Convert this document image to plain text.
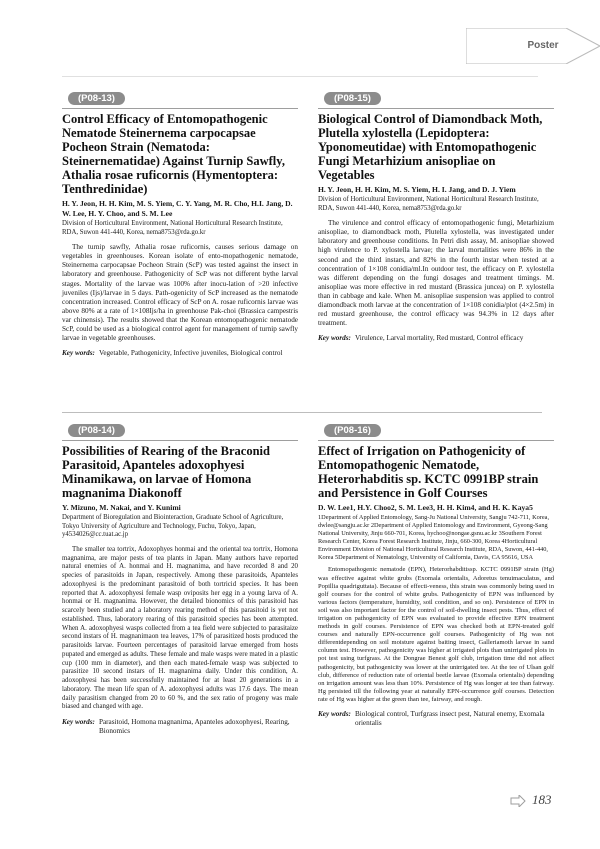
Poster
(P08-13)
Control Efficacy of Entomopathogenic Nematode Steinernema carpocapsae Pocheon Strain (Nematoda: Steinernematidae) Against Turnip Sawfly, Athalia rosae ruficornis (Hymentoptera: Tenthredinidae)
H. Y. Jeon, H. H. Kim, M. S. Yiem, C. Y. Yang, M. R. Cho, H.I. Jang, D. W. Lee, H. Y. Choo, and S. M. Lee
Division of Horticultural Environment, National Horticultural Research Institute, RDA, Suwon 441-440, Korea, nema8753@rda.go.kr

The turnip sawfly, Athalia rosae ruficornis, causes serious damage on vegetables in greenhouses. Korean isolate of ento-mopathogenic nematode, Steinernema carpocapsae Pocheon Strain (ScP) was tested against the insect in laboratory and greenhouse. Pathogenicity of ScP was not different bythe larval stages. Mortality of the larvae was 100% after inocu-lation of >20 infective juveniles (Ijs)/larvae in 5 days. Path-ogenicity of ScP increased as the nematode concentration increased. Control efficacy of ScP on A. rosae ruficornis larvae was above 80% at a rate of 1×108Ijs/ha in greenhouse Pak-choi (Brassica campestris var chinensis). The results showed that the Korean entomopathogenic nematode ScP, could be used as a biological control agent for management of turnip sawfly larvae in vegetable greenhouses.

Key words: Vegetable, Pathogenicity, Infective juveniles, Biological control
(P08-15)
Biological Control of Diamondback Moth, Plutella xylostella (Lepidoptera: Yponomeutidae) with Entomopathogenic Fungi Metarhizium anisopliae on Vegetables
H. Y. Jeon, H. H. Kim, M. S. Yiem, H. I. Jang, and D. J. Yiem
Division of Horticultural Environment, National Horticultural Research Institute, RDA, Suwon 441-440, Korea, nema8753@rda.go.kr

The virulence and control efficacy of entomopathogenic fungi, Metarhizium anisopliae, to diamondback moth, Plutella xylostella, was investigated under laboratory and greenhouse conditions. In Petri dish assay, M. anisopliae showed high virulence to P. xylostella larvae; the larval mortalities were 86% in the second and the third instars, and 82% in the fourth instar when tested at a concentration of 1×108 conidia/ml.In outdoor test, the efficacy on P. xylostella was different depending on the fungi dosages and treatment timings. M. anisopliae was more effective in red mustard (Brassica juncea) on P. xylostella than in cabbage and kale. When M. anisopliae suspension was applied to control diamondback moth larvae at the concentration of 1×108 conidia/plot (4×2.5m) in red mustard greenhouse, the control efficacy was 94.3% in 12 days after treatment.

Key words: Virulence, Larval mortality, Red mustard, Control efficacy
(P08-14)
Possibilities of Rearing of the Braconid Parasitoid, Apanteles adoxophyesi Minamikawa, on larvae of Homona magnanima Diakonoff
Y. Mizuno, M. Nakai, and Y. Kunimi
Department of Bioregulation and Biointeraction, Graduate School of Agriculture, Tokyo University of Agriculture and Technology, Fuchu, Tokyo, Japan, y4534026@cc.tuat.ac.jp

The smaller tea tortrix, Adoxophyes honmai and the oriental tea tortrix, Homona magnanima, are major pests of tea plants in Japan. Many authors have reported natural enemies of A. honmai and H. magnanima, and have recorded 8 and 20 species of parasitoids in Japan, respectively. Among these parasitoids, Apanteles adoxophyesi is the predominant parasitoid of both tortricid species. It has been reported that A. adoxophyesi female wasp oviposits her egg in a young larva of A. honmai or H. magnanima. However, the detailed bionomics of this parasitoid has scarcely been studied and a laboratory rearing method of this parasitoid is yet not established. Thus, laboratory rearing of this parasitoid species has been attempted. When A. adoxophyesi wasps collected from a tea field were subjected to parasitaize second instars of H. magnanimaon tea leaves, 17% of parasitized hosts produced the parasitoids larvae. Fourteen percentages of parasitoid larvae emerged from hosts pupated and emerged as adults. These female and male wasps were mated in a plastic cup (100 mm in diameter), and then each mated-female wasp was subjected to parasitize 10 second instars of H. magnanima daily. Under this condition, A. adoxophyesi has been successfully maintained for at least 20 generations in a laboratory. The mean life span of A. adoxophyesi adults was 17.6 days. The mean daily parasitism changed from 20 to 60 %, and the sex ratio of progeny was male biased and changed with age.

Key words: Parasitoid, Homona magnanima, Apanteles adoxophyesi, Rearing, Bionomics
(P08-16)
Effect of Irrigation on Pathogenicity of Entomopathogenic Nematode, Heterorhabditis sp. KCTC 0991BP strain and Persistence in Golf Courses
D. W. Lee1, H.Y. Choo2, S. M. Lee3, H. H. Kim4, and H. K. Kaya5
1Department of Applied Entomology, Sang-Ju National University, Sangju 742-711, Korea, dwlee@sangju.ac.kr 2Department of Applied Entomology and Environment, Gyeong-Sang National University, Jinju 660-701, Korea, hychoo@nongae.gsnu.ac.kr 3Southern Forest Research Center, Korea Forest Research Institute, Jinju, 660-300, Korea 4Horticultural Environment Division of National Horticultural Research Institute, RDA, Suwon, 441-440, Korea 5Department of Nematology, University of California, Davis, CA 95616, USA

Entomopathogenic nematode (EPN), Heterorhabditissp. KCTC 0991BP strain (Hg) was effective against white grubs (Exomala orientalis, Adoretus tenuimaculatus, and Popillia quadriguttata). Because of effecti-veness, this strain was commonly being used in golf courses for the control of white grubs. Pathogenicity of EPN was influenced by various factors (temperature, humidity, soil condition, and so on). Persistence of EPN in soil was also important factor for the control of soil-dwelling insect pests. Thus, effect of irrigation on pathogenicity of EPN was evaluated to provide effective EPN treatment methods in golf courses. Persistence of EPN was checked both at EPN-treated golf courses and naturally EPN-occurrence golf courses. Pathogenicity of Hg was not differentdepending on soil moisture against baiting insect, Galleriamoth larvae in sand column test. However, pathogenicity was higher at irrigated plots than unirrigated plots in pot test using turfgrass. At the Dongrae Benest golf club, irrigation time did not affect pathogenicity, but pathogenicity was lower at the unirrigated tee. At the tee of Ulsan golf club, difference of reduction rate of oriental beetle larvae (Exomala orientalis) depending on irrigation amount was less than 10%. Persistence of Hg was longer at tee than fairway. Hg persisted till the following year at naturally EPN-occurrence golf courses. Detection rate of Hg was higher at the green than tee, fairway, and rough.

Key words: Biological control, Turfgrass insect pest, Natural enemy, Exomala orientalis
183
